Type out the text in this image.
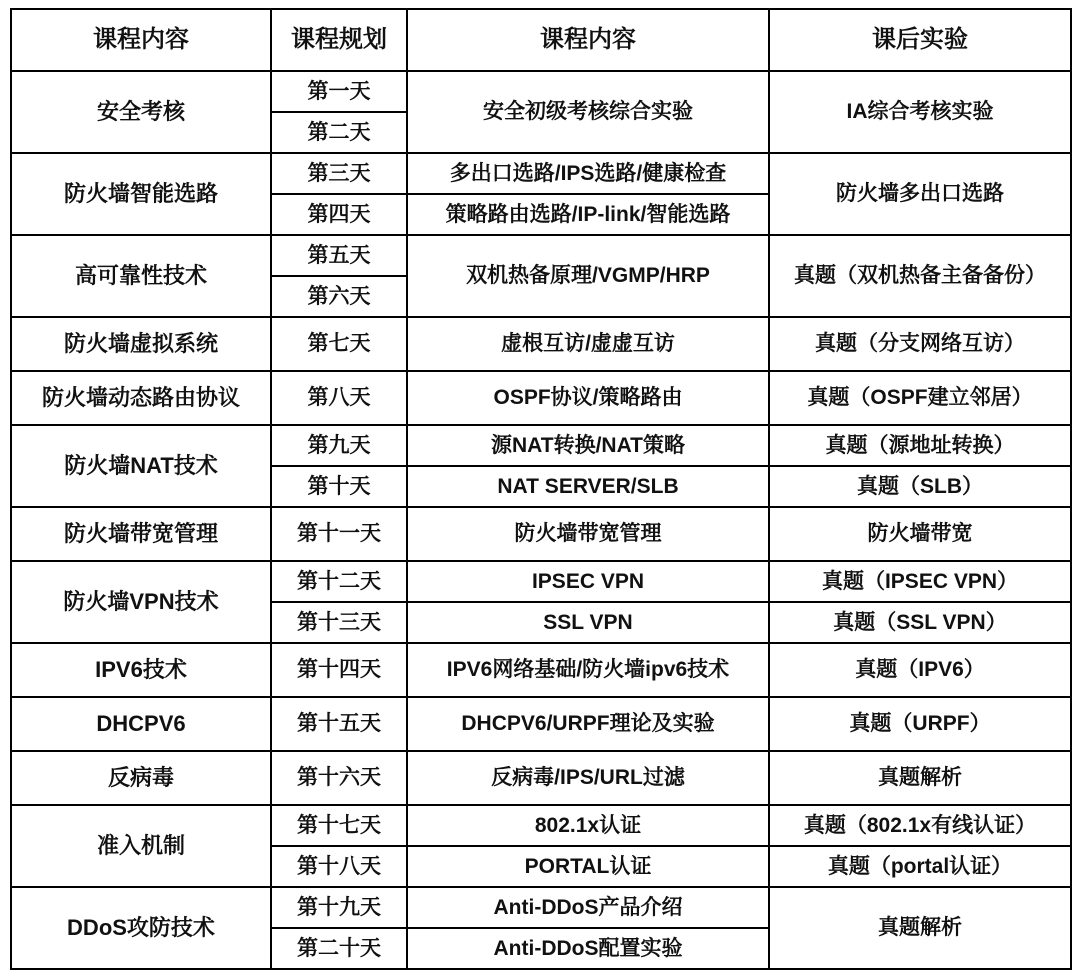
课程内容	课程规划	课程内容	课后实验
安全考核	第一天	安全初级考核综合实验	IA综合考核实验
	第二天		
防火墙智能选路	第三天	多出口选路/IPS选路/健康检查	防火墙多出口选路
	第四天	策略路由选路/IP-link/智能选路	
高可靠性技术	第五天	双机热备原理/VGMP/HRP	真题（双机热备主备备份）
	第六天		
防火墙虚拟系统	第七天	虚根互访/虚虚互访	真题（分支网络互访）
防火墙动态路由协议	第八天	OSPF协议/策略路由	真题（OSPF建立邻居）
防火墙NAT技术	第九天	源NAT转换/NAT策略	真题（源地址转换）
	第十天	NAT SERVER/SLB	真题（SLB）
防火墙带宽管理	第十一天	防火墙带宽管理	防火墙带宽
防火墙VPN技术	第十二天	IPSEC VPN	真题（IPSEC VPN）
	第十三天	SSL VPN	真题（SSL VPN）
IPV6技术	第十四天	IPV6网络基础/防火墙ipv6技术	真题（IPV6）
DHCPV6	第十五天	DHCPV6/URPF理论及实验	真题（URPF）
反病毒	第十六天	反病毒/IPS/URL过滤	真题解析
准入机制	第十七天	802.1x认证	真题（802.1x有线认证）
	第十八天	PORTAL认证	真题（portal认证）
DDoS攻防技术	第十九天	Anti-DDoS产品介绍	真题解析
	第二十天	Anti-DDoS配置实验	
